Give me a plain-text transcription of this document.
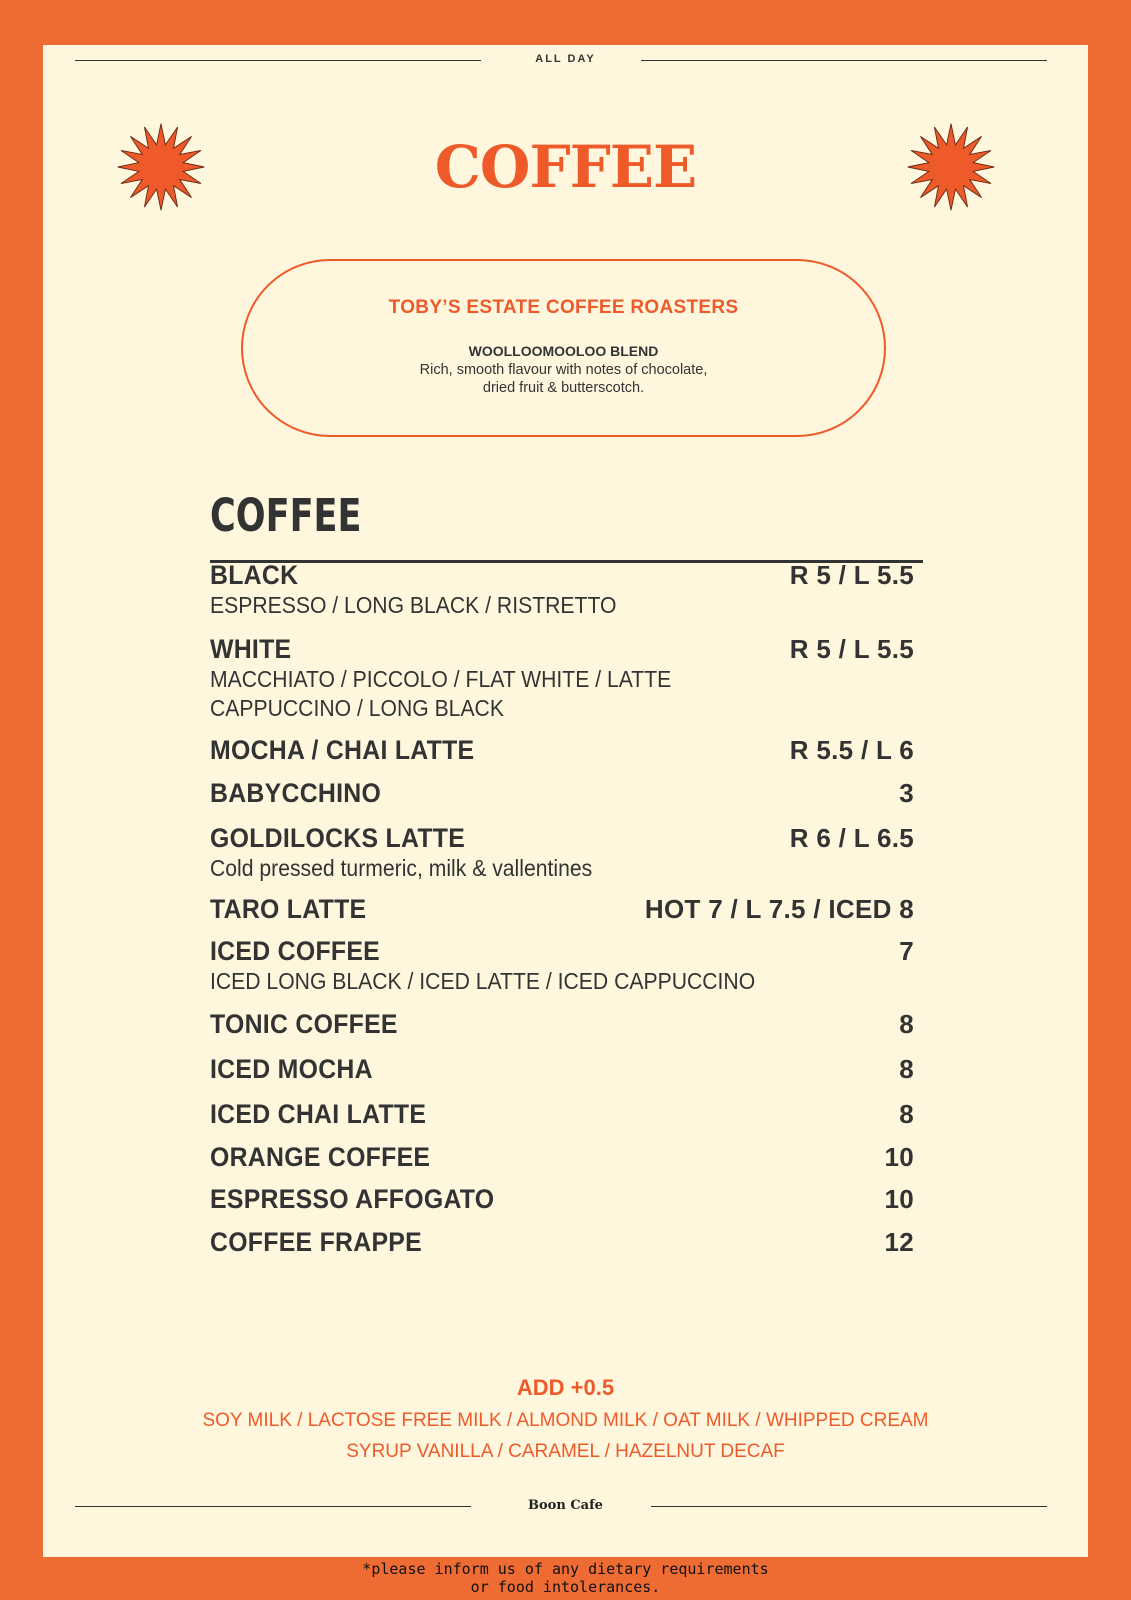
ALL DAY
COFFEE
TOBY’S ESTATE COFFEE ROASTERS
WOOLLOOMOOLOO BLEND
Rich, smooth flavour with notes of chocolate,
dried fruit & butterscotch.
COFFEE
BLACK	R 5 / L 5.5
ESPRESSO / LONG BLACK / RISTRETTO
WHITE	R 5 / L 5.5
MACCHIATO / PICCOLO / FLAT WHITE / LATTE
CAPPUCCINO / LONG BLACK
MOCHA / CHAI LATTE	R 5.5 / L 6
BABYCCHINO	3
GOLDILOCKS LATTE	R 6 / L 6.5
Cold pressed turmeric, milk & vallentines
TARO LATTE	HOT 7 / L 7.5 / ICED 8
ICED COFFEE	7
ICED LONG BLACK / ICED LATTE / ICED CAPPUCCINO
TONIC COFFEE	8
ICED MOCHA	8
ICED CHAI LATTE	8
ORANGE COFFEE	10
ESPRESSO AFFOGATO	10
COFFEE FRAPPE	12
ADD +0.5
SOY MILK / LACTOSE FREE MILK / ALMOND MILK / OAT MILK / WHIPPED CREAM
SYRUP VANILLA / CARAMEL / HAZELNUT DECAF
Boon Cafe
*please inform us of any dietary requirements
or food intolerances.
